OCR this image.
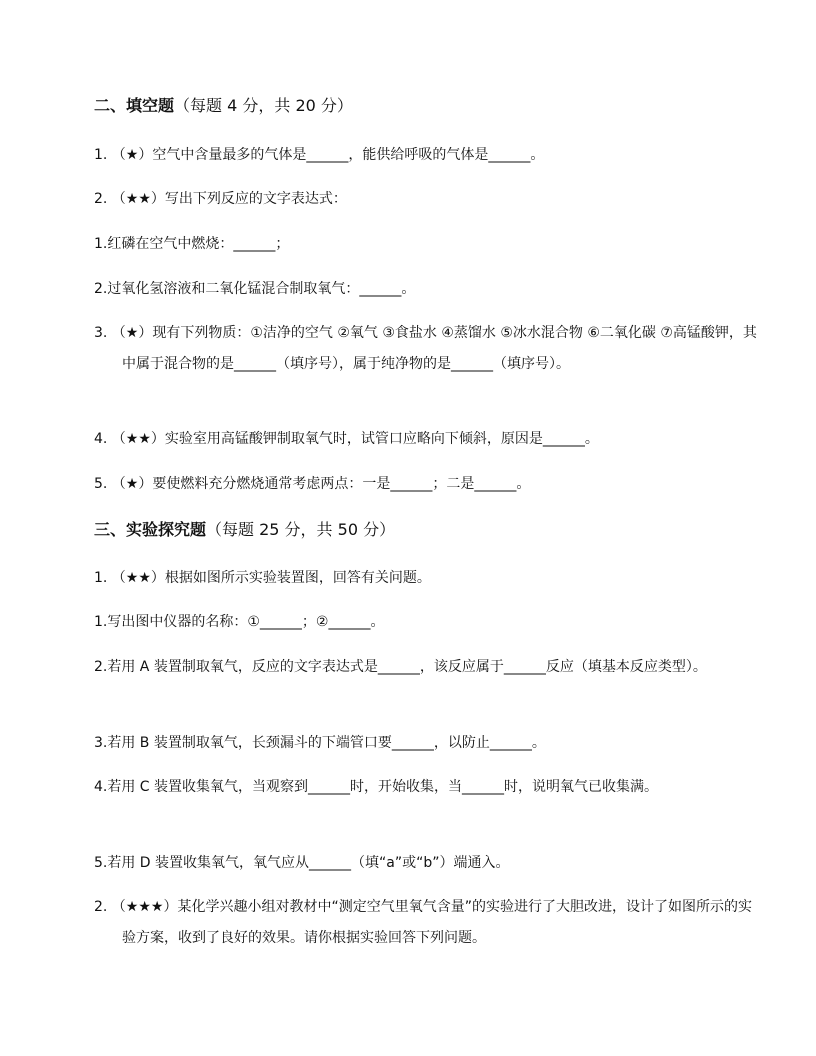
二、填空题（每题 4 分，共 20 分）

1. （★）空气中含量最多的气体是______，能供给呼吸的气体是______。

2. （★★）写出下列反应的文字表达式：

1.红磷在空气中燃烧：______；

2.过氧化氢溶液和二氧化锰混合制取氧气：______。

3. （★）现有下列物质：①洁净的空气 ②氧气 ③食盐水 ④蒸馏水 ⑤冰水混合物 ⑥二氧化碳 ⑦高锰酸钾，其中属于混合物的是______（填序号），属于纯净物的是______（填序号）。

4. （★★）实验室用高锰酸钾制取氧气时，试管口应略向下倾斜，原因是______。

5. （★）要使燃料充分燃烧通常考虑两点：一是______；二是______。

三、实验探究题（每题 25 分，共 50 分）

1. （★★）根据如图所示实验装置图，回答有关问题。

1.写出图中仪器的名称：①______；②______。

2.若用 A 装置制取氧气，反应的文字表达式是______，该反应属于______反应（填基本反应类型）。

3.若用 B 装置制取氧气，长颈漏斗的下端管口要______，以防止______。

4.若用 C 装置收集氧气，当观察到______时，开始收集，当______时，说明氧气已收集满。

5.若用 D 装置收集氧气，氧气应从______（填“a”或“b”）端通入。

2. （★★★）某化学兴趣小组对教材中“测定空气里氧气含量”的实验进行了大胆改进，设计了如图所示的实验方案，收到了良好的效果。请你根据实验回答下列问题。
